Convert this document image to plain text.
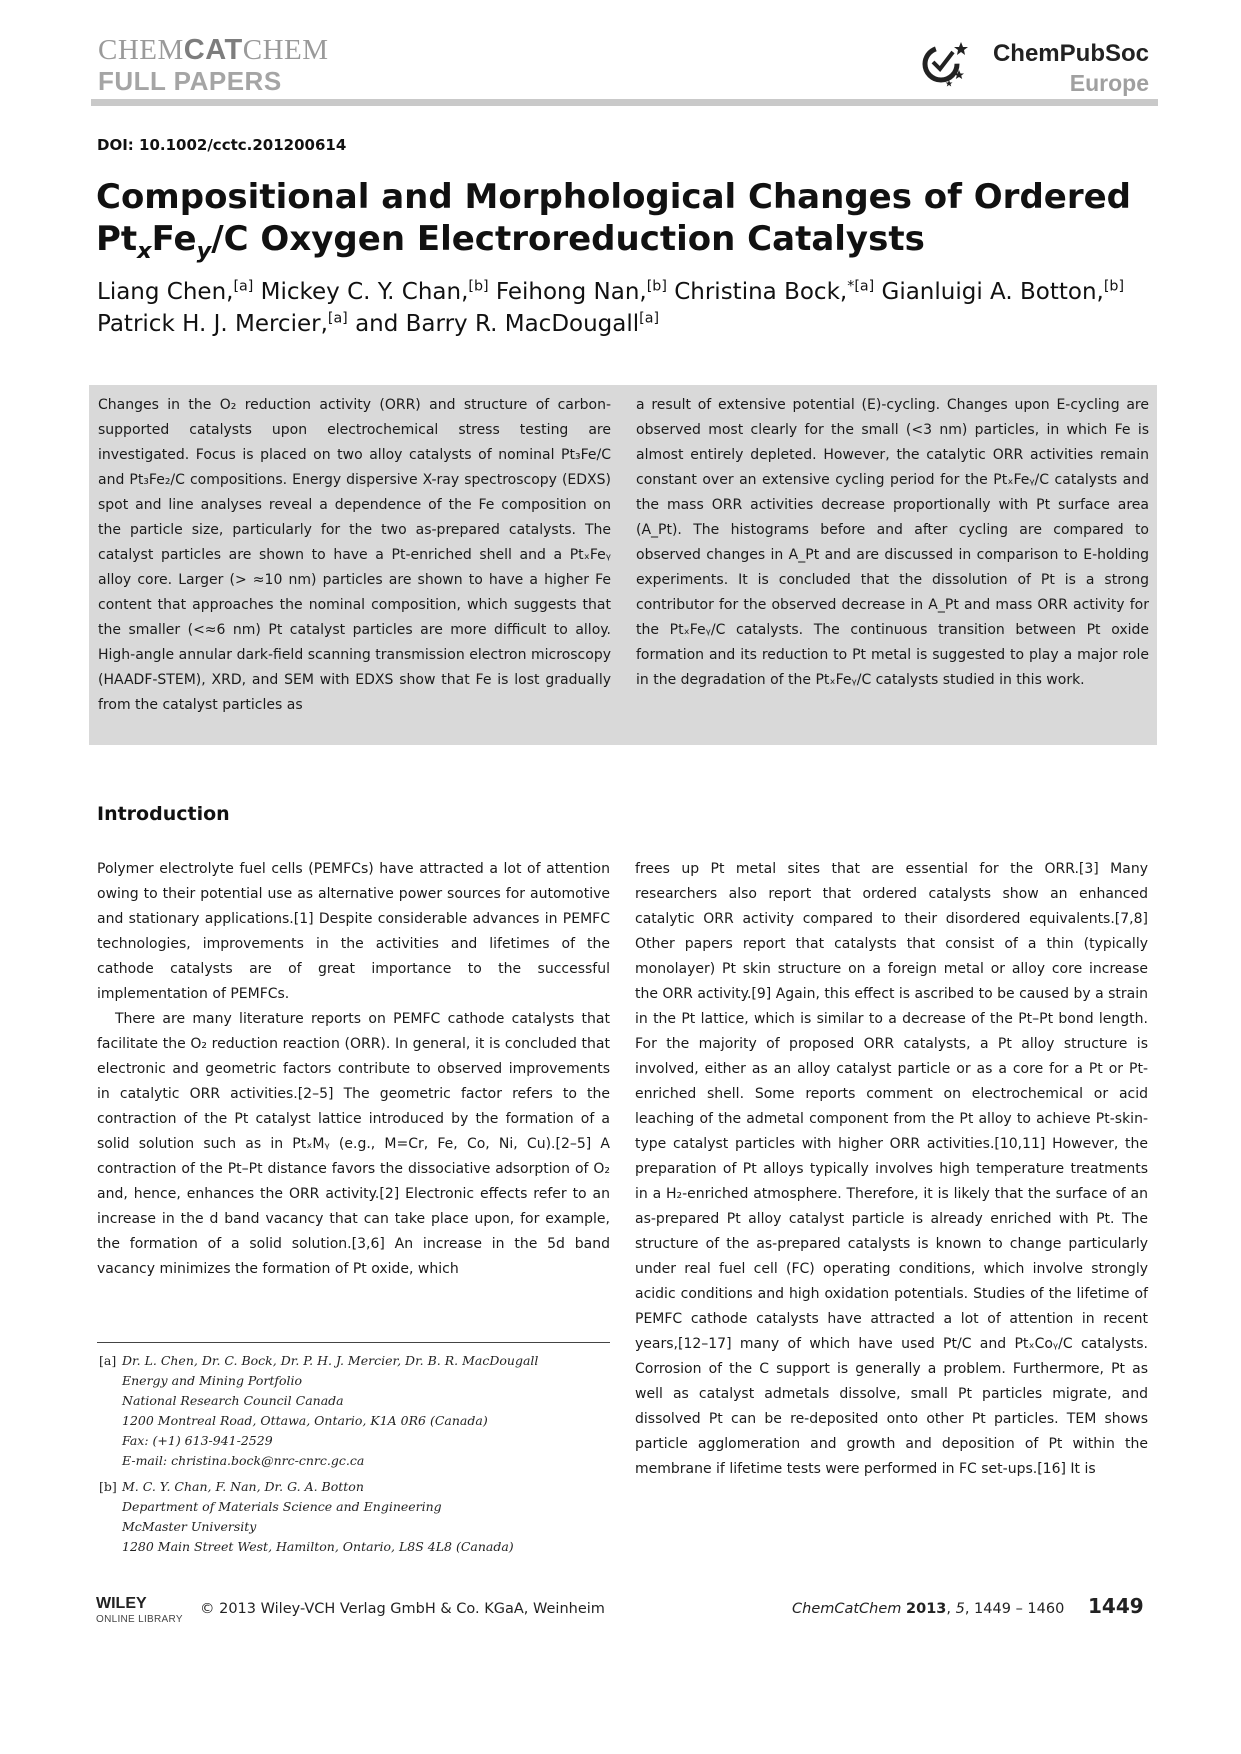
CHEMCATCHEM
FULL PAPERS
ChemPubSoc
Europe
DOI: 10.1002/cctc.201200614
Compositional and Morphological Changes of Ordered
$Pt_xFe_y/C$ Oxygen Electroreduction Catalysts

Liang Chen,[a] Mickey C. Y. Chan,[b] Feihong Nan,[b] Christina Bock,$^{*[a]}$ Gianluigi A. Botton,[b]
Patrick H. J. Mercier,[a] and Barry R. MacDougall[a]

Changes in the O₂ reduction activity (ORR) and structure of carbon-supported catalysts upon electrochemical stress testing are investigated. Focus is placed on two alloy catalysts of nominal Pt₃Fe/C and Pt₃Fe₂/C compositions. Energy dispersive X-ray spectroscopy (EDXS) spot and line analyses reveal a dependence of the Fe composition on the particle size, particularly for the two as-prepared catalysts. The catalyst particles are shown to have a Pt-enriched shell and a PtₓFeᵧ alloy core. Larger (> ≈10 nm) particles are shown to have a higher Fe content that approaches the nominal composition, which suggests that the smaller (<≈6 nm) Pt catalyst particles are more difficult to alloy. High-angle annular dark-field scanning transmission electron microscopy (HAADF-STEM), XRD, and SEM with EDXS show that Fe is lost gradually from the catalyst particles as

a result of extensive potential (E)-cycling. Changes upon E-cycling are observed most clearly for the small (<3 nm) particles, in which Fe is almost entirely depleted. However, the catalytic ORR activities remain constant over an extensive cycling period for the PtₓFeᵧ/C catalysts and the mass ORR activities decrease proportionally with Pt surface area (A_Pt). The histograms before and after cycling are compared to observed changes in A_Pt and are discussed in comparison to E-holding experiments. It is concluded that the dissolution of Pt is a strong contributor for the observed decrease in A_Pt and mass ORR activity for the PtₓFeᵧ/C catalysts. The continuous transition between Pt oxide formation and its reduction to Pt metal is suggested to play a major role in the degradation of the PtₓFeᵧ/C catalysts studied in this work.

Introduction

Polymer electrolyte fuel cells (PEMFCs) have attracted a lot of attention owing to their potential use as alternative power sources for automotive and stationary applications.[1] Despite considerable advances in PEMFC technologies, improvements in the activities and lifetimes of the cathode catalysts are of great importance to the successful implementation of PEMFCs.

There are many literature reports on PEMFC cathode catalysts that facilitate the O₂ reduction reaction (ORR). In general, it is concluded that electronic and geometric factors contribute to observed improvements in catalytic ORR activities.[2–5] The geometric factor refers to the contraction of the Pt catalyst lattice introduced by the formation of a solid solution such as in PtₓMᵧ (e.g., M=Cr, Fe, Co, Ni, Cu).[2–5] A contraction of the Pt–Pt distance favors the dissociative adsorption of O₂ and, hence, enhances the ORR activity.[2] Electronic effects refer to an increase in the d band vacancy that can take place upon, for example, the formation of a solid solution.[3,6] An increase in the 5d band vacancy minimizes the formation of Pt oxide, which

frees up Pt metal sites that are essential for the ORR.[3] Many researchers also report that ordered catalysts show an enhanced catalytic ORR activity compared to their disordered equivalents.[7,8] Other papers report that catalysts that consist of a thin (typically monolayer) Pt skin structure on a foreign metal or alloy core increase the ORR activity.[9] Again, this effect is ascribed to be caused by a strain in the Pt lattice, which is similar to a decrease of the Pt–Pt bond length. For the majority of proposed ORR catalysts, a Pt alloy structure is involved, either as an alloy catalyst particle or as a core for a Pt or Pt-enriched shell. Some reports comment on electrochemical or acid leaching of the admetal component from the Pt alloy to achieve Pt-skin-type catalyst particles with higher ORR activities.[10,11] However, the preparation of Pt alloys typically involves high temperature treatments in a H₂-enriched atmosphere. Therefore, it is likely that the surface of an as-prepared Pt alloy catalyst particle is already enriched with Pt. The structure of the as-prepared catalysts is known to change particularly under real fuel cell (FC) operating conditions, which involve strongly acidic conditions and high oxidation potentials. Studies of the lifetime of PEMFC cathode catalysts have attracted a lot of attention in recent years,[12–17] many of which have used Pt/C and PtₓCoᵧ/C catalysts. Corrosion of the C support is generally a problem. Furthermore, Pt as well as catalyst admetals dissolve, small Pt particles migrate, and dissolved Pt can be re-deposited onto other Pt particles. TEM shows particle agglomeration and growth and deposition of Pt within the membrane if lifetime tests were performed in FC set-ups.[16] It is

[a] Dr. L. Chen, Dr. C. Bock, Dr. P. H. J. Mercier, Dr. B. R. MacDougall
Energy and Mining Portfolio
National Research Council Canada
1200 Montreal Road, Ottawa, Ontario, K1A 0R6 (Canada)
Fax: (+1) 613-941-2529
E-mail: christina.bock@nrc-cnrc.gc.ca
[b] M. C. Y. Chan, F. Nan, Dr. G. A. Botton
Department of Materials Science and Engineering
McMaster University
1280 Main Street West, Hamilton, Ontario, L8S 4L8 (Canada)
WILEY
ONLINE LIBRARY
© 2013 Wiley-VCH Verlag GmbH & Co. KGaA, Weinheim	ChemCatChem 2013, 5, 1449 – 1460 1449
